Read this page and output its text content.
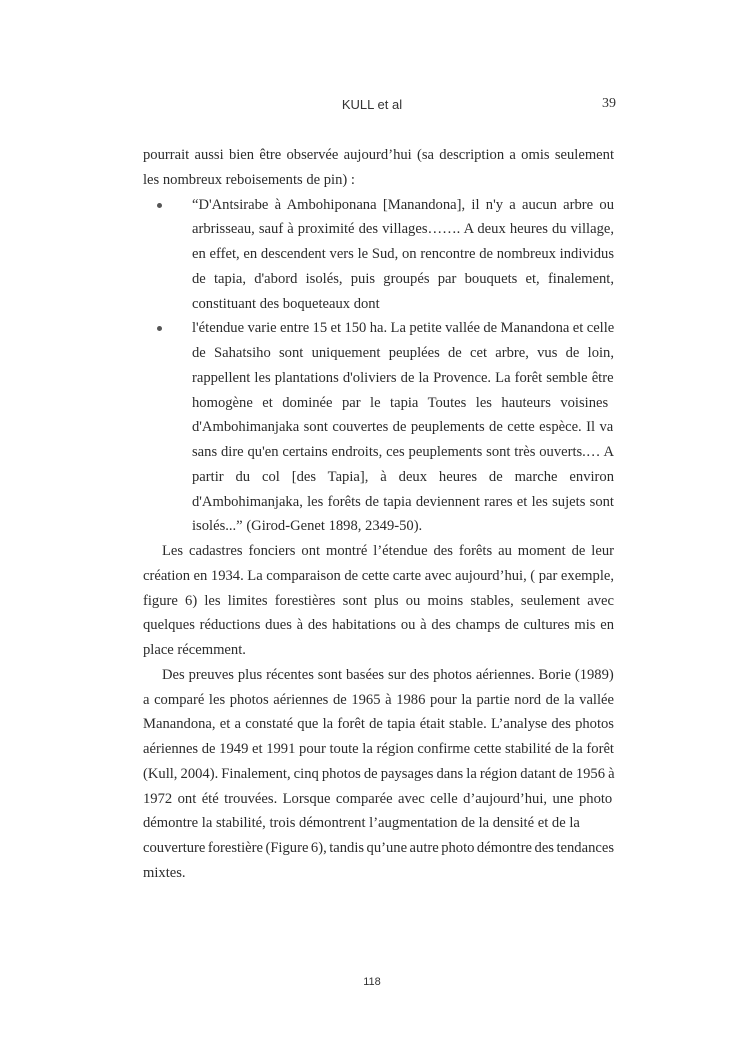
KULL et al	39
pourrait aussi bien être observée aujourd’hui (sa description a omis seulement
les nombreux reboisements de pin) :
“D'Antsirabe à Ambohiponana [Manandona], il n'y a aucun arbre ou
arbrisseau, sauf à proximité des villages……. A deux heures du village,
en effet, en descendent vers le Sud, on rencontre de nombreux individus
de tapia, d'abord isolés, puis groupés par bouquets et, finalement,
constituant des boqueteaux dont
l'étendue varie entre 15 et 150 ha. La petite vallée de Manandona et celle
de Sahatsiho sont uniquement peuplées de cet arbre, vus de loin,
rappellent les plantations d'oliviers de la Provence. La forêt semble être
homogène et dominée par le tapia Toutes les hauteurs voisines
d'Ambohimanjaka sont couvertes de peuplements de cette espèce. Il va
sans dire qu'en certains endroits, ces peuplements sont très ouverts.… A
partir du col [des Tapia], à deux heures de marche environ
d'Ambohimanjaka, les forêts de tapia deviennent rares et les sujets sont
isolés...” (Girod-Genet 1898, 2349-50).
Les cadastres fonciers ont montré l’étendue des forêts au moment de leur
création en 1934. La comparaison de cette carte avec aujourd’hui, ( par exemple,
figure 6) les limites forestières sont plus ou moins stables, seulement avec
quelques réductions dues à des habitations ou à des champs de cultures mis en
place récemment.
Des preuves plus récentes sont basées sur des photos aériennes. Borie (1989)
a comparé les photos aériennes de 1965 à 1986 pour la partie nord de la vallée
Manandona, et a constaté que la forêt de tapia était stable. L’analyse des photos
aériennes de 1949 et 1991 pour toute la région confirme cette stabilité de la forêt
(Kull, 2004). Finalement, cinq photos de paysages dans la région datant de 1956 à
1972 ont été trouvées. Lorsque comparée avec celle d’aujourd’hui, une photo
démontre la stabilité, trois démontrent l’augmentation de la densité et de la
couverture forestière (Figure 6), tandis qu’une autre photo démontre des tendances
mixtes.
118
